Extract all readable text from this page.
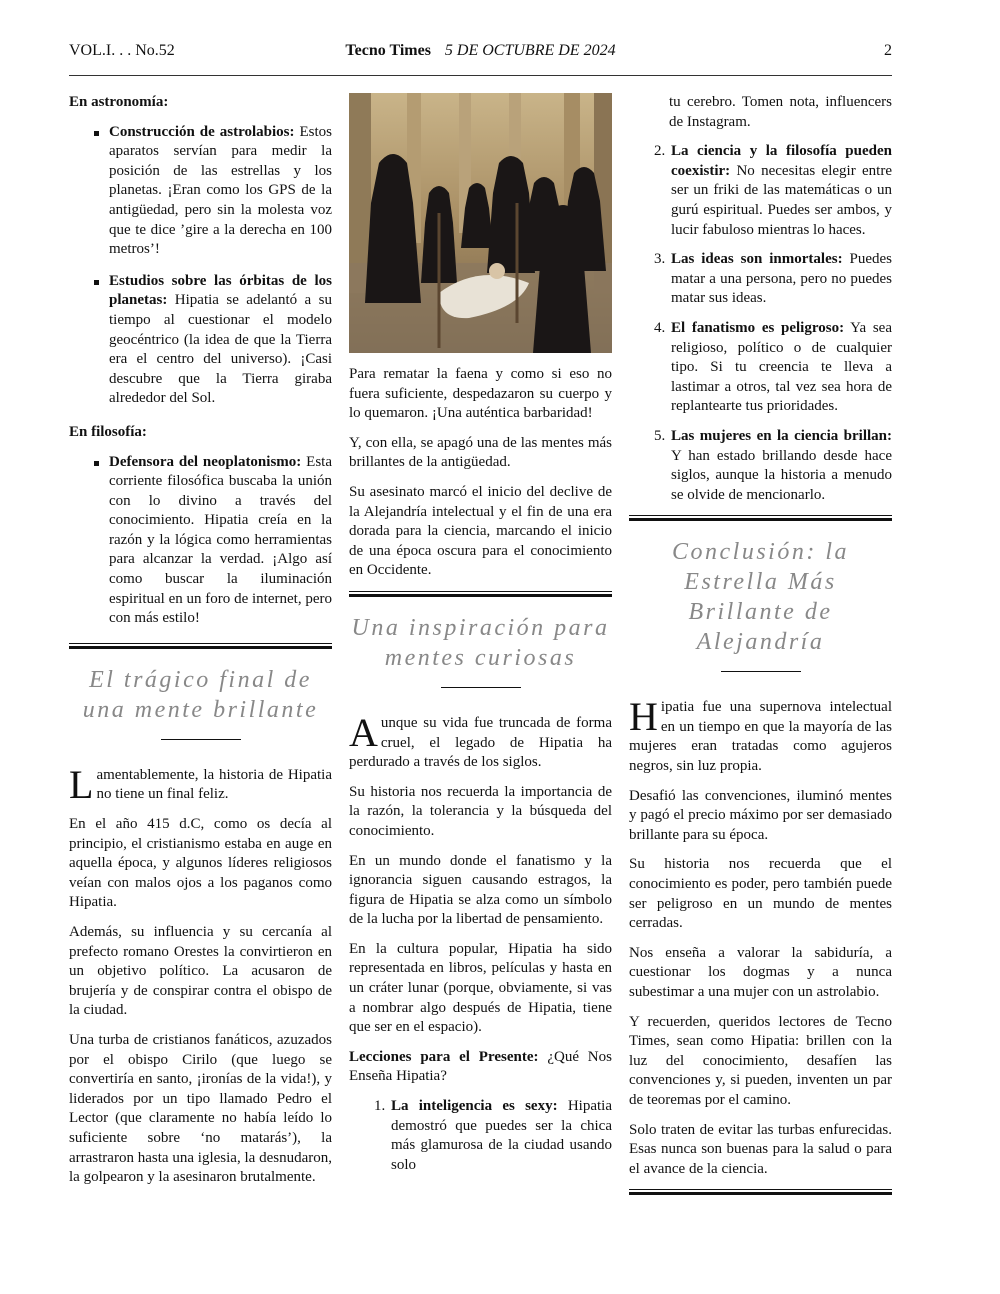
VOL.I. . . No.52	Tecno Times 5 DE OCTUBRE DE 2024	2
En astronomía:
Construcción de astrolabios: Estos aparatos servían para medir la posición de las estrellas y los planetas. ¡Eran como los GPS de la antigüedad, pero sin la molesta voz que te dice ’gire a la derecha en 100 metros’!
Estudios sobre las órbitas de los planetas: Hipatia se adelantó a su tiempo al cuestionar el modelo geocéntrico (la idea de que la Tierra era el centro del universo). ¡Casi descubre que la Tierra giraba alrededor del Sol.
En filosofía:
Defensora del neoplatonismo: Esta corriente filosófica buscaba la unión con lo divino a través del conocimiento. Hipatia creía en la razón y la lógica como herramientas para alcanzar la verdad. ¡Algo así como buscar la iluminación espiritual en un foro de internet, pero con más estilo!
El trágico final de una mente brillante

Lamentablemente, la historia de Hipatia no tiene un final feliz.

En el año 415 d.C, como os decía al principio, el cristianismo estaba en auge en aquella época, y algunos líderes religiosos veían con malos ojos a los paganos como Hipatia.

Además, su influencia y su cercanía al prefecto romano Orestes la convirtieron en un objetivo político. La acusaron de brujería y de conspirar contra el obispo de la ciudad.

Una turba de cristianos fanáticos, azuzados por el obispo Cirilo (que luego se convertiría en santo, ¡ironías de la vida!), y liderados por un tipo llamado Pedro el Lector (que claramente no había leído lo suficiente sobre ‘no matarás’), la arrastraron hasta una iglesia, la desnudaron, la golpearon y la asesinaron brutalmente.

Para rematar la faena y como si eso no fuera suficiente, despedazaron su cuerpo y lo quemaron. ¡Una auténtica barbaridad!

Y, con ella, se apagó una de las mentes más brillantes de la antigüedad.

Su asesinato marcó el inicio del declive de la Alejandría intelectual y el fin de una era dorada para la ciencia, marcando el inicio de una época oscura para el conocimiento en Occidente.

Una inspiración para mentes curiosas

Aunque su vida fue truncada de forma cruel, el legado de Hipatia ha perdurado a través de los siglos.

Su historia nos recuerda la importancia de la razón, la tolerancia y la búsqueda del conocimiento.

En un mundo donde el fanatismo y la ignorancia siguen causando estragos, la figura de Hipatia se alza como un símbolo de la lucha por la libertad de pensamiento.

En la cultura popular, Hipatia ha sido representada en libros, películas y hasta en un cráter lunar (porque, obviamente, si vas a nombrar algo después de Hipatia, tiene que ser en el espacio).

Lecciones para el Presente: ¿Qué Nos Enseña Hipatia?

1. La inteligencia es sexy: Hipatia demostró que puedes ser la chica más glamurosa de la ciudad usando solo
tu cerebro. Tomen nota, influencers de Instagram.
2. La ciencia y la filosofía pueden coexistir: No necesitas elegir entre ser un friki de las matemáticas o un gurú espiritual. Puedes ser ambos, y lucir fabuloso mientras lo haces.
3. Las ideas son inmortales: Puedes matar a una persona, pero no puedes matar sus ideas.
4. El fanatismo es peligroso: Ya sea religioso, político o de cualquier tipo. Si tu creencia te lleva a lastimar a otros, tal vez sea hora de replantearte tus prioridades.
5. Las mujeres en la ciencia brillan: Y han estado brillando desde hace siglos, aunque la historia a menudo se olvide de mencionarlo.
Conclusión: la Estrella Más Brillante de Alejandría

Hipatia fue una supernova intelectual en un tiempo en que la mayoría de las mujeres eran tratadas como agujeros negros, sin luz propia.

Desafió las convenciones, iluminó mentes y pagó el precio máximo por ser demasiado brillante para su época.

Su historia nos recuerda que el conocimiento es poder, pero también puede ser peligroso en un mundo de mentes cerradas.

Nos enseña a valorar la sabiduría, a cuestionar los dogmas y a nunca subestimar a una mujer con un astrolabio.

Y recuerden, queridos lectores de Tecno Times, sean como Hipatia: brillen con la luz del conocimiento, desafíen las convenciones y, si pueden, inventen un par de teoremas por el camino.

Solo traten de evitar las turbas enfurecidas. Esas nunca son buenas para la salud o para el avance de la ciencia.
